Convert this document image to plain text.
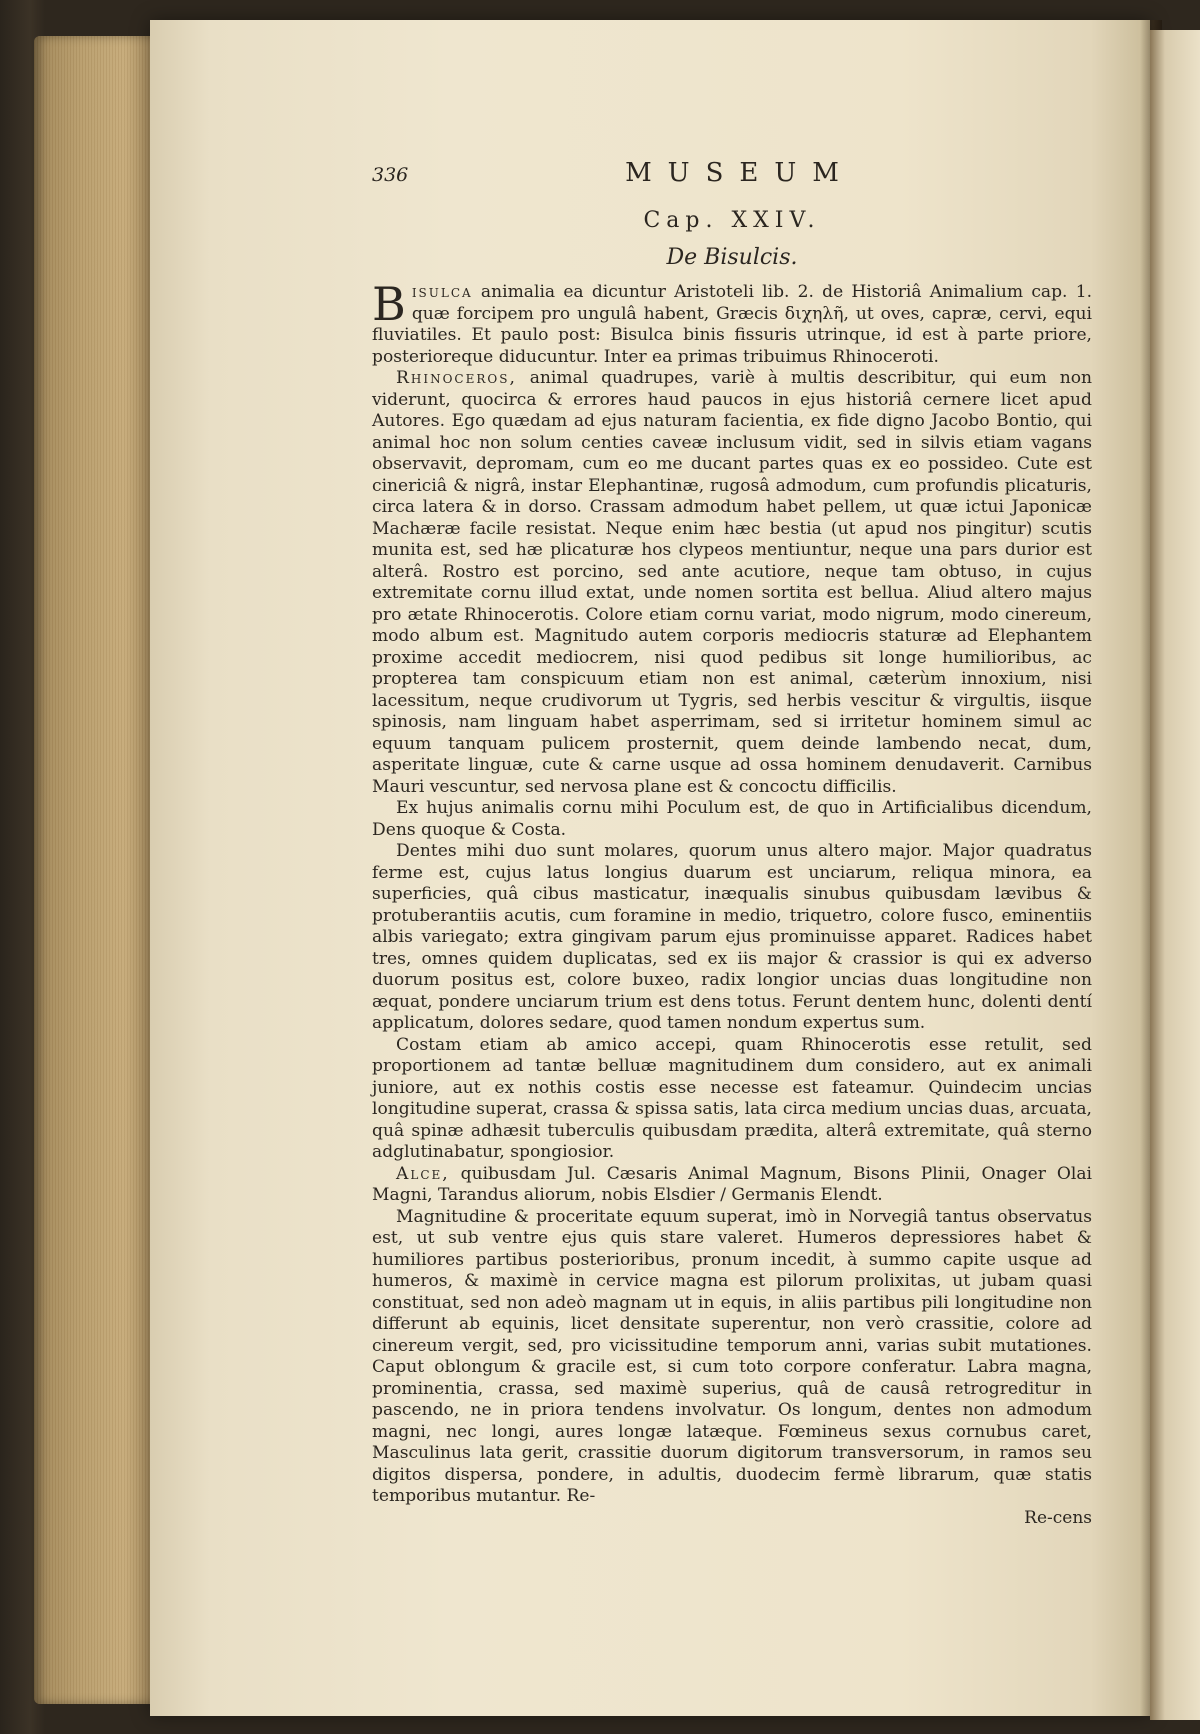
336	MUSEUM
Cap. XXIV.
De Bisulcis.

Bisulca animalia ea dicuntur Aristoteli lib. 2. de Historiâ Animalium cap. 1. quæ forcipem pro ungulâ habent, Græcis διχηλῆ, ut oves, capræ, cervi, equi fluviatiles. Et paulo post: Bisulca binis fissuris utrinque, id est à parte priore, posterioreque diducuntur. Inter ea primas tribuimus Rhinoceroti.

Rhinoceros, animal quadrupes, variè à multis describitur, qui eum non viderunt, quocirca & errores haud paucos in ejus historiâ cernere licet apud Autores. Ego quædam ad ejus naturam facientia, ex fide digno Jacobo Bontio, qui animal hoc non solum centies caveæ inclusum vidit, sed in silvis etiam vagans observavit, depromam, cum eo me ducant partes quas ex eo possideo. Cute est cinericiâ & nigrâ, instar Elephantinæ, rugosâ admodum, cum profundis plicaturis, circa latera & in dorso. Crassam admodum habet pellem, ut quæ ictui Japonicæ Machæræ facile resistat. Neque enim hæc bestia (ut apud nos pingitur) scutis munita est, sed hæ plicaturæ hos clypeos mentiuntur, neque una pars durior est alterâ. Rostro est porcino, sed ante acutiore, neque tam obtuso, in cujus extremitate cornu illud extat, unde nomen sortita est bellua. Aliud altero majus pro ætate Rhinocerotis. Colore etiam cornu variat, modo nigrum, modo cinereum, modo album est. Magnitudo autem corporis mediocris staturæ ad Elephantem proxime accedit mediocrem, nisi quod pedibus sit longe humilioribus, ac propterea tam conspicuum etiam non est animal, cæterùm innoxium, nisi lacessitum, neque crudivorum ut Tygris, sed herbis vescitur & virgultis, iisque spinosis, nam linguam habet asperrimam, sed si irritetur hominem simul ac equum tanquam pulicem prosternit, quem deinde lambendo necat, dum, asperitate linguæ, cute & carne usque ad ossa hominem denudaverit. Carnibus Mauri vescuntur, sed nervosa plane est & concoctu difficilis.

Ex hujus animalis cornu mihi Poculum est, de quo in Artificialibus dicendum, Dens quoque & Costa.

Dentes mihi duo sunt molares, quorum unus altero major. Major quadratus ferme est, cujus latus longius duarum est unciarum, reliqua minora, ea superficies, quâ cibus masticatur, inæqualis sinubus quibusdam lævibus & protuberantiis acutis, cum foramine in medio, triquetro, colore fusco, eminentiis albis variegato; extra gingivam parum ejus prominuisse apparet. Radices habet tres, omnes quidem duplicatas, sed ex iis major & crassior is qui ex adverso duorum positus est, colore buxeo, radix longior uncias duas longitudine non æquat, pondere unciarum trium est dens totus. Ferunt dentem hunc, dolenti dentí applicatum, dolores sedare, quod tamen nondum expertus sum.

Costam etiam ab amico accepi, quam Rhinocerotis esse retulit, sed proportionem ad tantæ belluæ magnitudinem dum considero, aut ex animali juniore, aut ex nothis costis esse necesse est fateamur. Quindecim uncias longitudine superat, crassa & spissa satis, lata circa medium uncias duas, arcuata, quâ spinæ adhæsit tuberculis quibusdam prædita, alterâ extremitate, quâ sterno adglutinabatur, spongiosior.

Alce, quibusdam Jul. Cæsaris Animal Magnum, Bisons Plinii, Onager Olai Magni, Tarandus aliorum, nobis Elsdier / Germanis Elendt.

Magnitudine & proceritate equum superat, imò in Norvegiâ tantus observatus est, ut sub ventre ejus quis stare valeret. Humeros depressiores habet & humiliores partibus posterioribus, pronum incedit, à summo capite usque ad humeros, & maximè in cervice magna est pilorum prolixitas, ut jubam quasi constituat, sed non adeò magnam ut in equis, in aliis partibus pili longitudine non differunt ab equinis, licet densitate superentur, non verò crassitie, colore ad cinereum vergit, sed, pro vicissitudine temporum anni, varias subit mutationes. Caput oblongum & gracile est, si cum toto corpore conferatur. Labra magna, prominentia, crassa, sed maximè superius, quâ de causâ retrogreditur in pascendo, ne in priora tendens involvatur. Os longum, dentes non admodum magni, nec longi, aures longæ latæque. Fœmineus sexus cornubus caret, Masculinus lata gerit, crassitie duorum digitorum transversorum, in ramos seu digitos dispersa, pondere, in adultis, duodecim fermè librarum, quæ statis temporibus mutantur. Re-

Re-cens
